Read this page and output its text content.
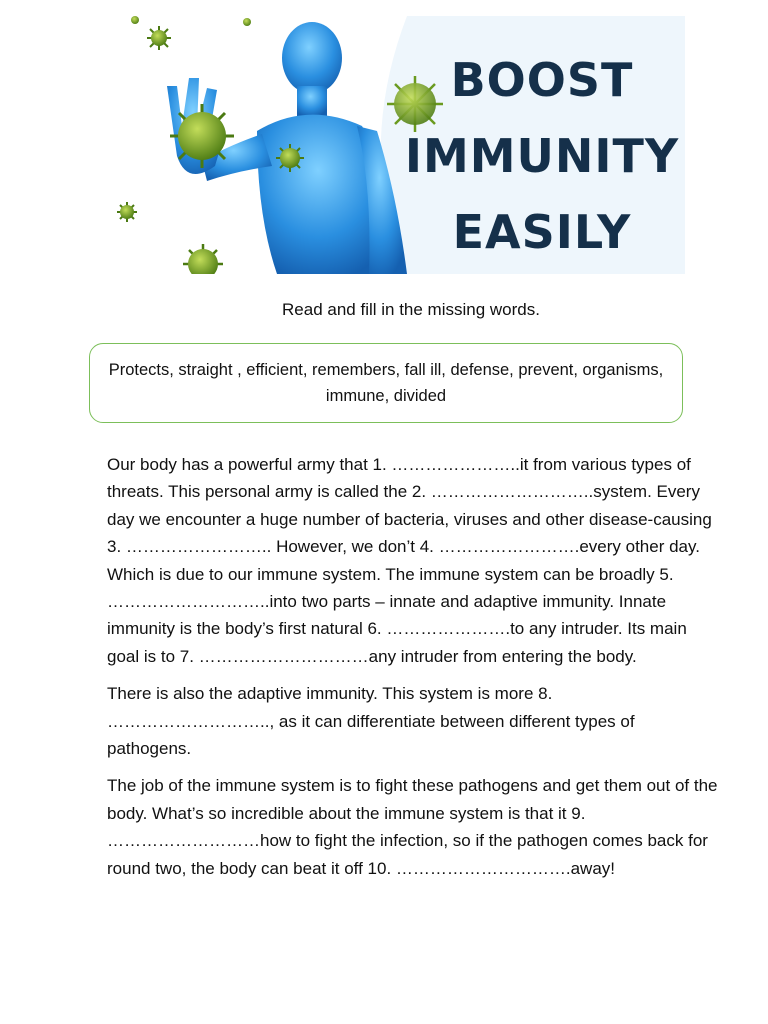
BOOST
IMMUNITY
EASILY
Read and fill in the missing words.

Protects, straight , efficient, remembers, fall ill, defense, prevent, organisms, immune, divided

Our body has a powerful army that 1. …………………..it from various types of threats. This personal army is called the 2. ………………………..system. Every day we encounter a huge number of bacteria, viruses and other disease-causing 3. …………………….. However, we don’t 4. …………………….every other day. Which is due to our immune system. The immune system can be broadly 5. ………………………..into two parts – innate and adaptive immunity. Innate immunity is the body’s first natural 6. ………………….to any intruder. Its main goal is to 7. …………………………any intruder from entering the body.

There is also the adaptive immunity. This system is more 8. ……………………….., as it can differentiate between different types of pathogens.

The job of the immune system is to fight these pathogens and get them out of the body. What’s so incredible about the immune system is that it 9. ………………………how to fight the infection, so if the pathogen comes back for round two, the body can beat it off 10. ………………………….away!
